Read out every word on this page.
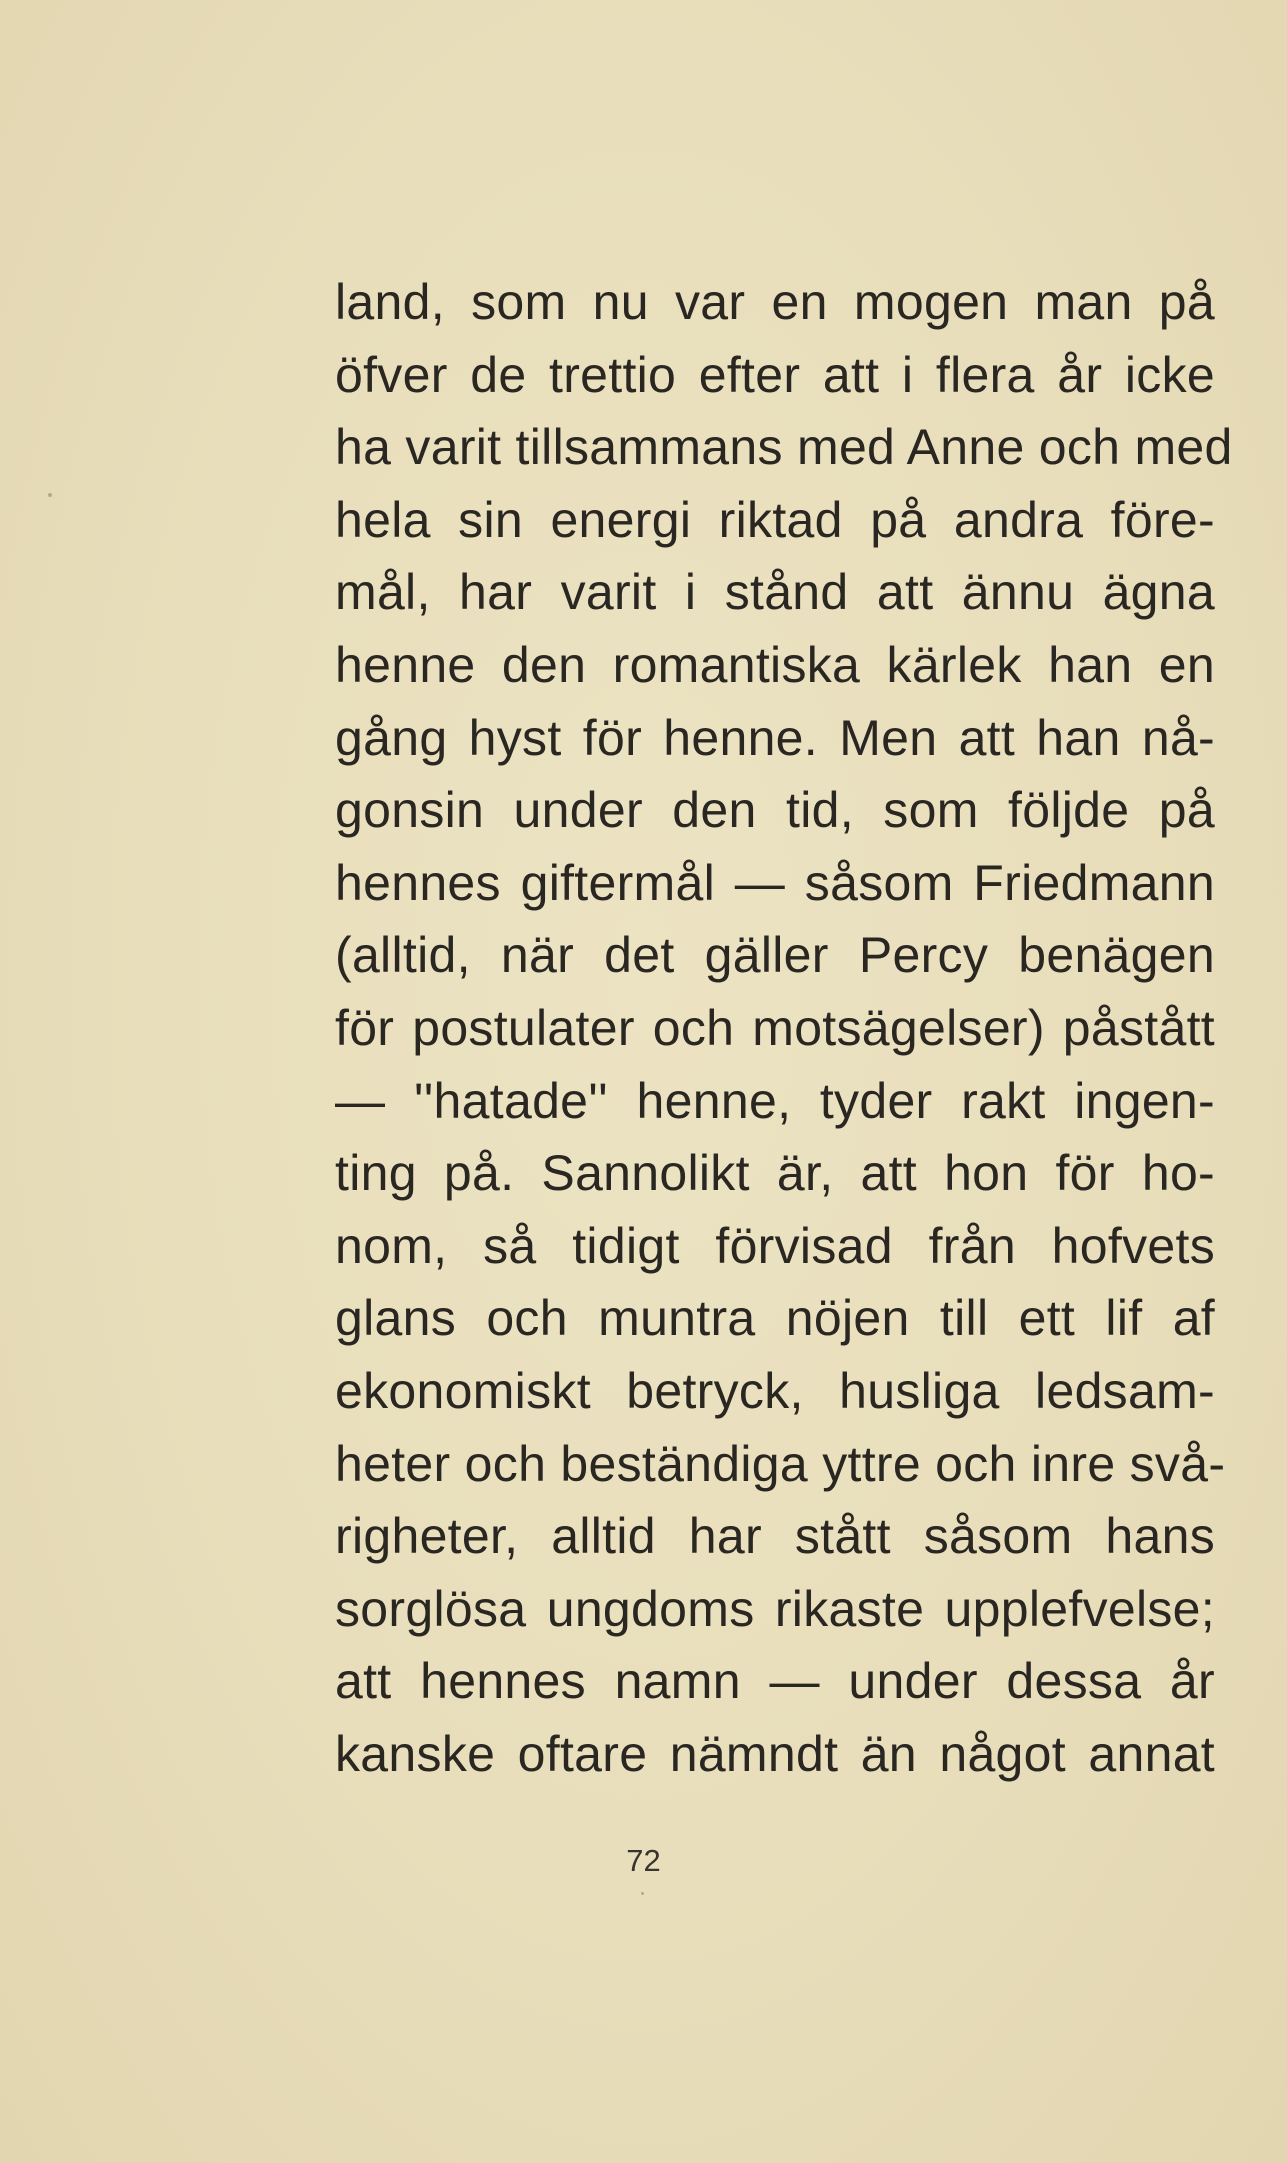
land, som nu var en mogen man på
öfver de trettio efter att i flera år icke
ha varit tillsammans med Anne och med
hela sin energi riktad på andra före-
mål, har varit i stånd att ännu ägna
henne den romantiska kärlek han en
gång hyst för henne. Men att han nå-
gonsin under den tid, som följde på
hennes giftermål — såsom Friedmann
(alltid, när det gäller Percy benägen
för postulater och motsägelser) påstått
— ''hatade'' henne, tyder rakt ingen-
ting på. Sannolikt är, att hon för ho-
nom, så tidigt förvisad från hofvets
glans och muntra nöjen till ett lif af
ekonomiskt betryck, husliga ledsam-
heter och beständiga yttre och inre svå-
righeter, alltid har stått såsom hans
sorglösa ungdoms rikaste upplefvelse;
att hennes namn — under dessa år
kanske oftare nämndt än något annat
72
